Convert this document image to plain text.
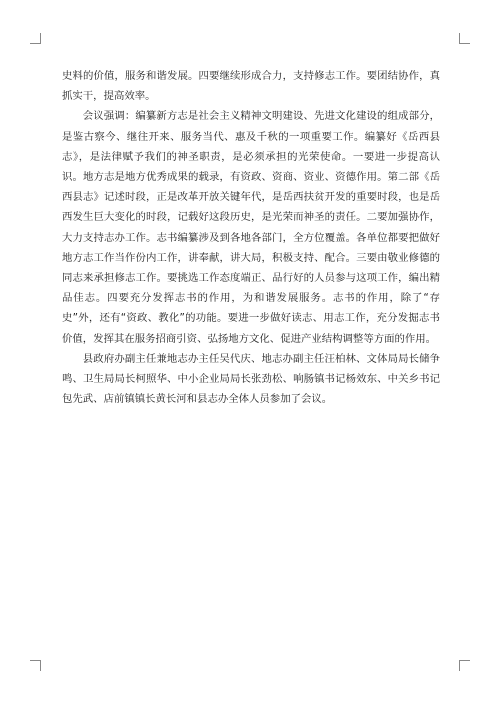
史料的价值，服务和谐发展。四要继续形成合力，支持修志工作。要团结协作，真抓实干，提高效率。

会议强调：编纂新方志是社会主义精神文明建设、先进文化建设的组成部分，是鉴古察今、继往开来、服务当代、惠及千秋的一项重要工作。编纂好《岳西县志》，是法律赋予我们的神圣职责，是必须承担的光荣使命。一要进一步提高认识。地方志是地方优秀成果的载录，有资政、资商、资业、资德作用。第二部《岳西县志》记述时段，正是改革开放关键年代，是岳西扶贫开发的重要时段，也是岳西发生巨大变化的时段，记载好这段历史，是光荣而神圣的责任。二要加强协作，大力支持志办工作。志书编纂涉及到各地各部门，全方位覆盖。各单位都要把做好地方志工作当作份内工作，讲奉献，讲大局，积极支持、配合。三要由敬业修德的同志来承担修志工作。要挑选工作态度端正、品行好的人员参与这项工作，编出精品佳志。四要充分发挥志书的作用，为和谐发展服务。志书的作用，除了“存史”外，还有“资政、教化”的功能。要进一步做好读志、用志工作，充分发掘志书价值，发挥其在服务招商引资、弘扬地方文化、促进产业结构调整等方面的作用。

县政府办副主任兼地志办主任吴代庆、地志办副主任汪柏林、文体局局长储争鸣、卫生局局长柯照华、中小企业局局长张劲松、响肠镇书记杨效东、中关乡书记包先武、店前镇镇长黄长河和县志办全体人员参加了会议。
